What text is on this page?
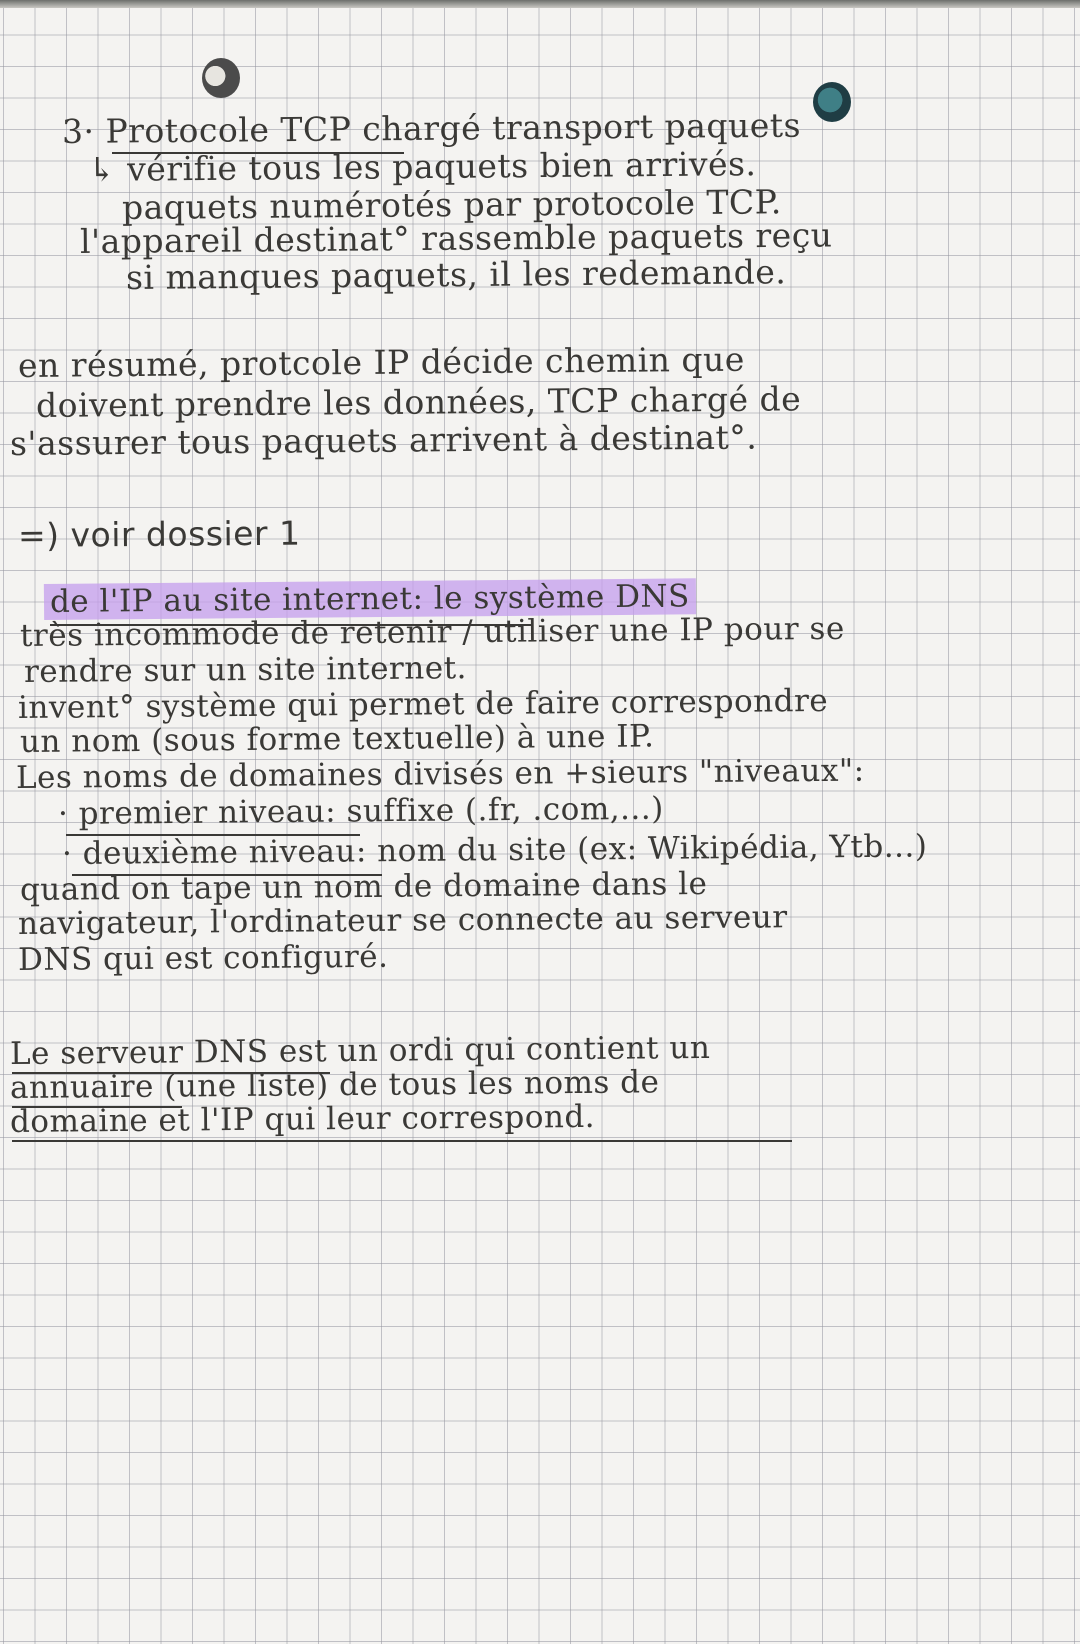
3· Protocole TCP chargé transport paquets
↳ vérifie tous les paquets bien arrivés.
paquets numérotés par protocole TCP.
l'appareil destinat° rassemble paquets reçu
si manques paquets, il les redemande.
en résumé, protcole IP décide chemin que
doivent prendre les données, TCP chargé de
s'assurer tous paquets arrivent à destinat°.
=) voir dossier 1
de l'IP au site internet: le système DNS
très incommode de retenir / utiliser une IP pour se
rendre sur un site internet.
invent° système qui permet de faire correspondre
un nom (sous forme textuelle) à une IP.
Les noms de domaines divisés en +sieurs "niveaux":
· premier niveau: suffixe (.fr, .com,...)
· deuxième niveau: nom du site (ex: Wikipédia, Ytb...)
quand on tape un nom de domaine dans le
navigateur, l'ordinateur se connecte au serveur
DNS qui est configuré.
Le serveur DNS est un ordi qui contient un
annuaire (une liste) de tous les noms de
domaine et l'IP qui leur correspond.
